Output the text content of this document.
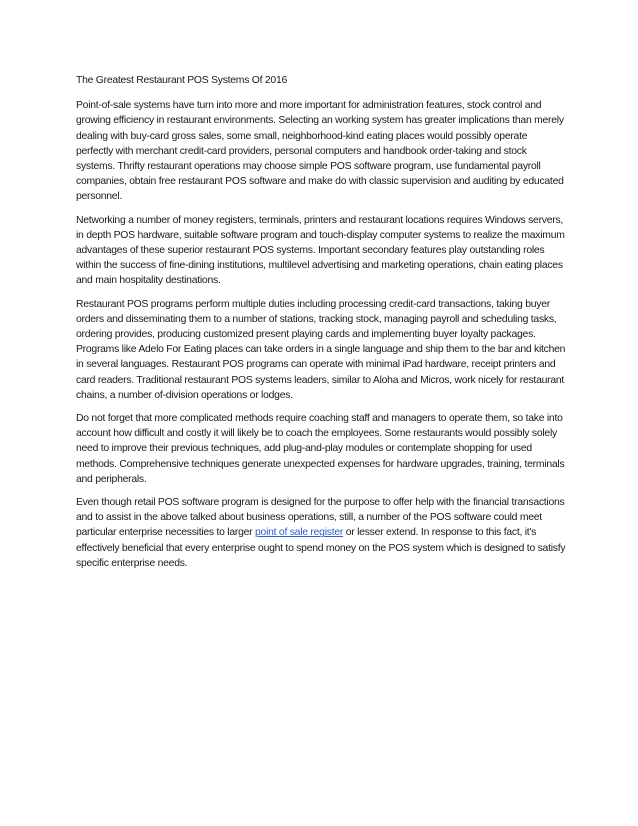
The Greatest Restaurant POS Systems Of 2016

Point-of-sale systems have turn into more and more important for administration features, stock control and growing efficiency in restaurant environments. Selecting an working system has greater implications than merely dealing with buy-card gross sales, some small, neighborhood-kind eating places would possibly operate perfectly with merchant credit-card providers, personal computers and handbook order-taking and stock systems. Thrifty restaurant operations may choose simple POS software program, use fundamental payroll companies, obtain free restaurant POS software and make do with classic supervision and auditing by educated personnel.

Networking a number of money registers, terminals, printers and restaurant locations requires Windows servers, in depth POS hardware, suitable software program and touch-display computer systems to realize the maximum advantages of these superior restaurant POS systems. Important secondary features play outstanding roles within the success of fine-dining institutions, multilevel advertising and marketing operations, chain eating places and main hospitality destinations.

Restaurant POS programs perform multiple duties including processing credit-card transactions, taking buyer orders and disseminating them to a number of stations, tracking stock, managing payroll and scheduling tasks, ordering provides, producing customized present playing cards and implementing buyer loyalty packages. Programs like Adelo For Eating places can take orders in a single language and ship them to the bar and kitchen in several languages. Restaurant POS programs can operate with minimal iPad hardware, receipt printers and card readers. Traditional restaurant POS systems leaders, similar to Aloha and Micros, work nicely for restaurant chains, a number of-division operations or lodges.

Do not forget that more complicated methods require coaching staff and managers to operate them, so take into account how difficult and costly it will likely be to coach the employees. Some restaurants would possibly solely need to improve their previous techniques, add plug-and-play modules or contemplate shopping for used methods. Comprehensive techniques generate unexpected expenses for hardware upgrades, training, terminals and peripherals.

Even though retail POS software program is designed for the purpose to offer help with the financial transactions and to assist in the above talked about business operations, still, a number of the POS software could meet particular enterprise necessities to larger point of sale register or lesser extend. In response to this fact, it's effectively beneficial that every enterprise ought to spend money on the POS system which is designed to satisfy specific enterprise needs.
